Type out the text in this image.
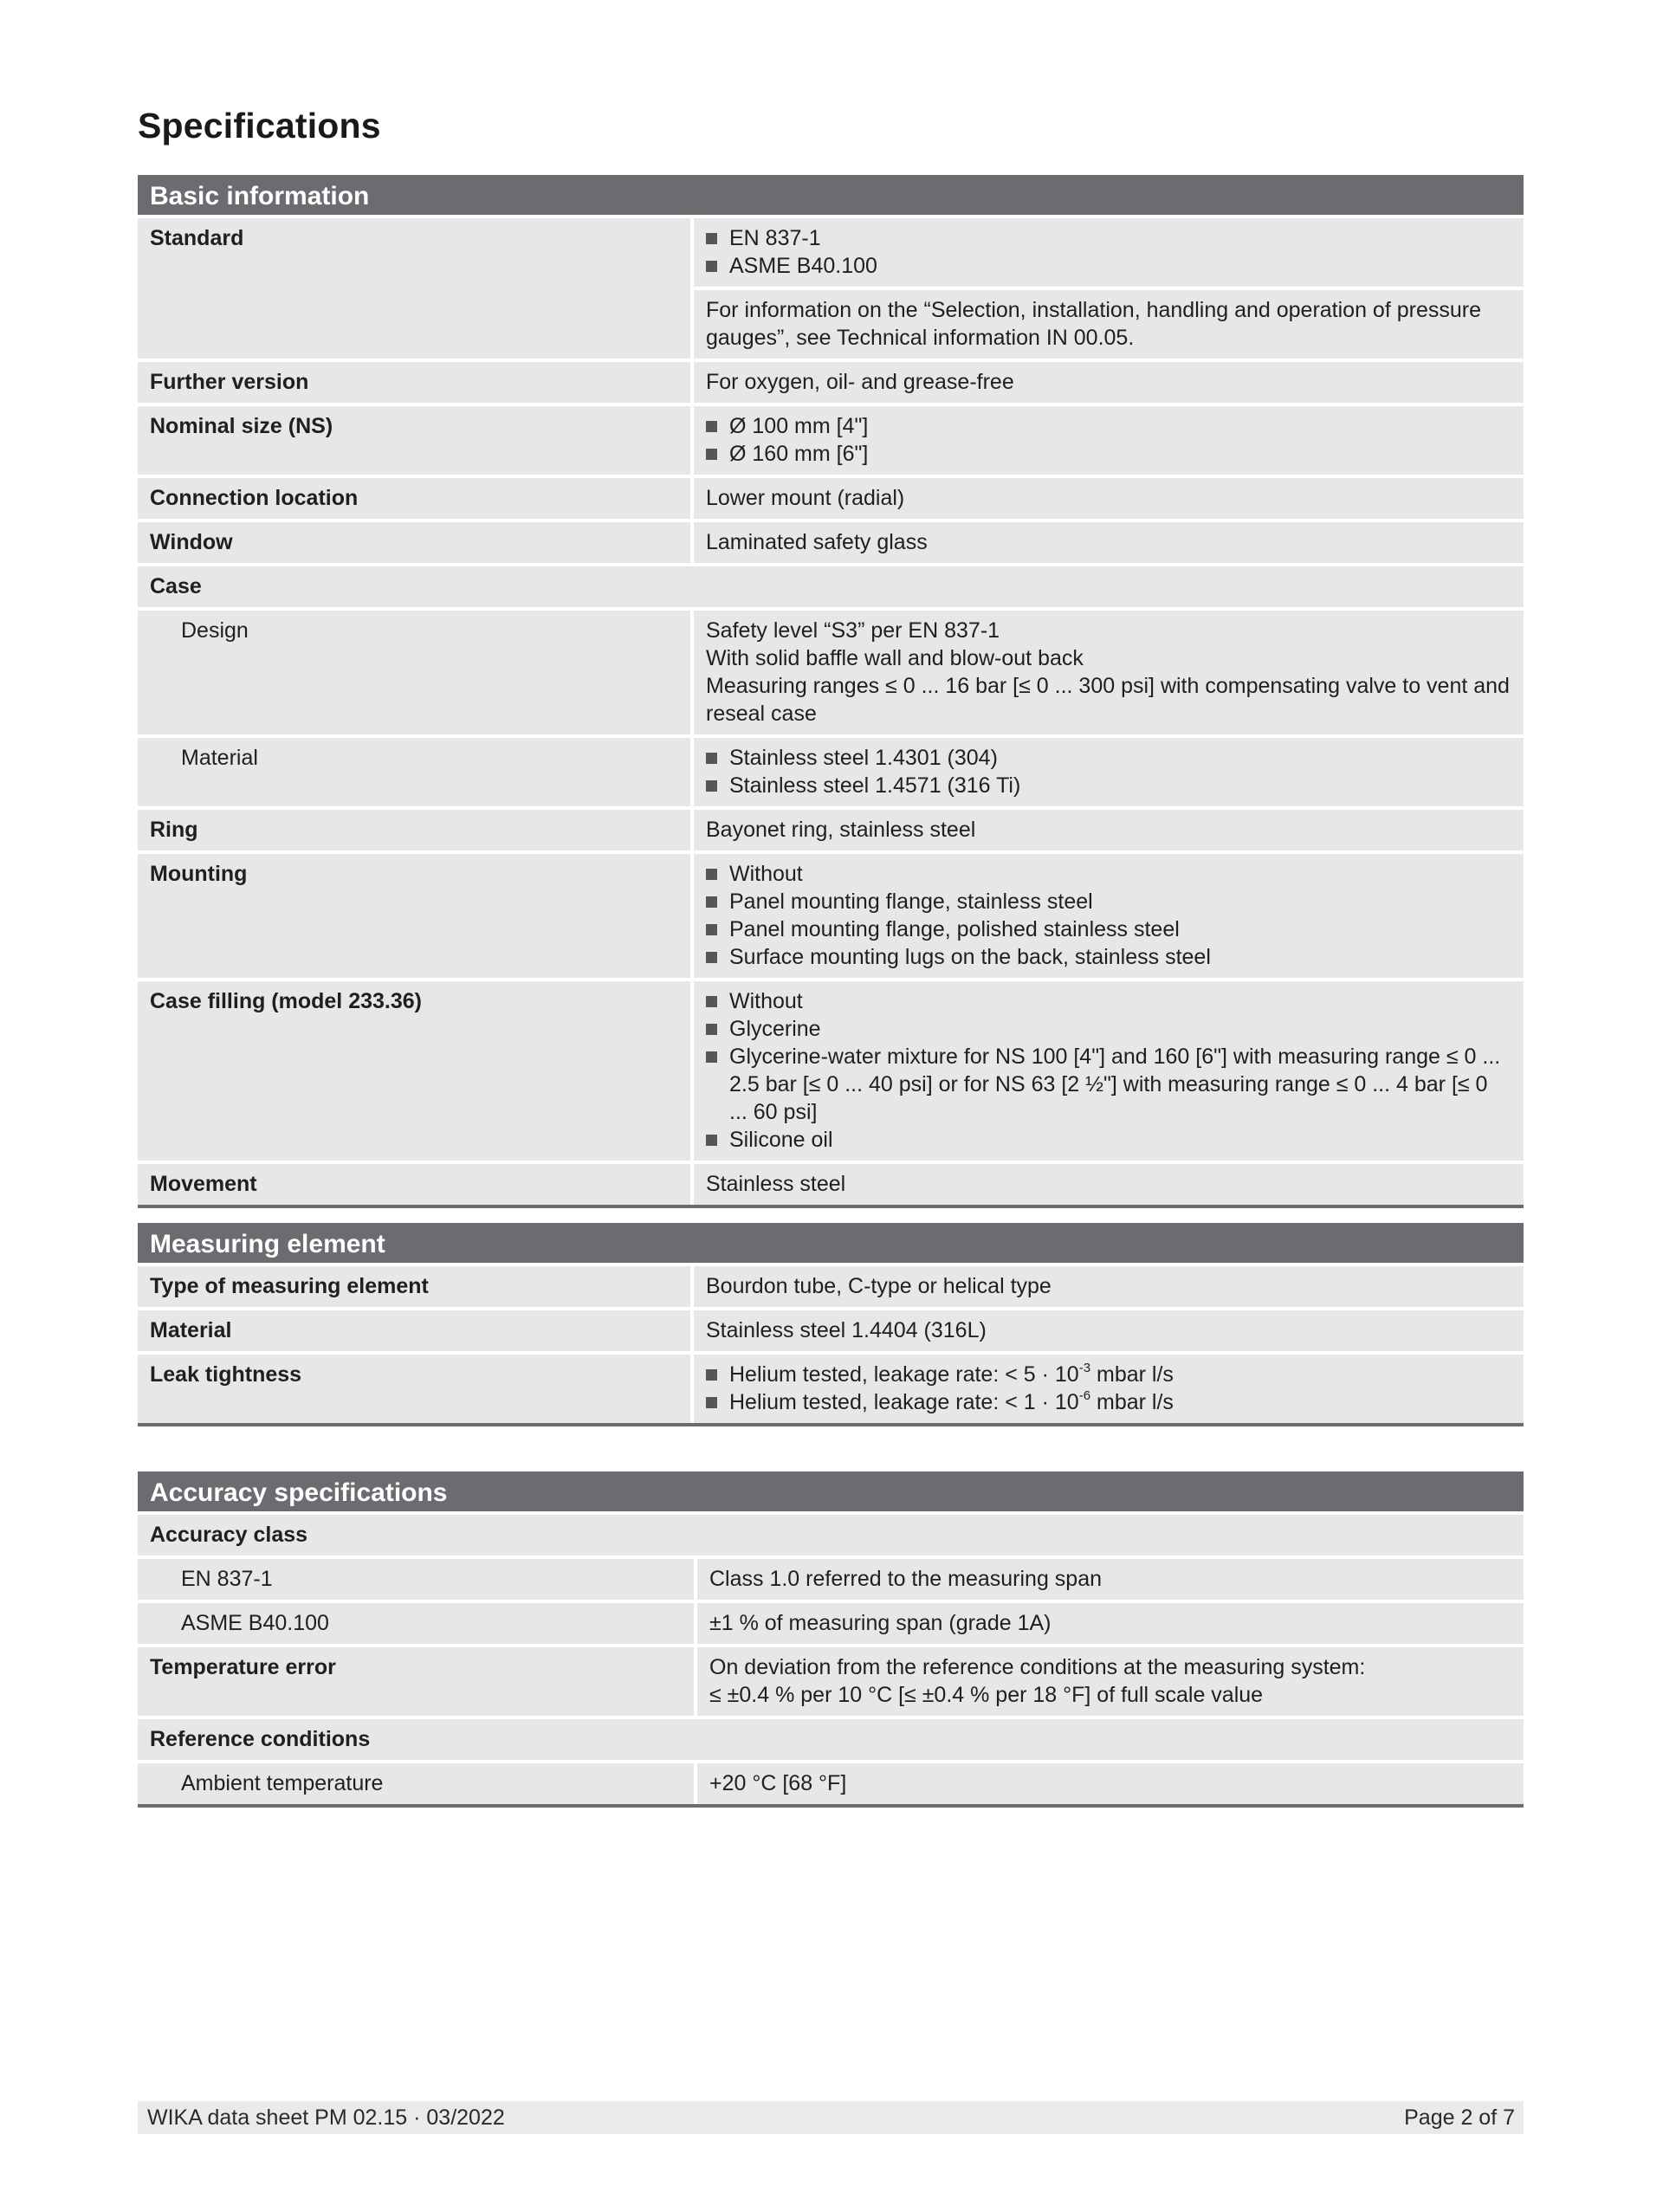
Specifications
Basic information
Standard	EN 837-1
ASME B40.100
For information on the “Selection, installation, handling and operation of pressure gauges”, see Technical information IN 00.05.
Further version	For oxygen, oil- and grease-free
Nominal size (NS)	Ø 100 mm [4"]
Ø 160 mm [6"]
Connection location	Lower mount (radial)
Window	Laminated safety glass
Case
Design	Safety level “S3” per EN 837-1
With solid baffle wall and blow-out back
Measuring ranges ≤ 0 ... 16 bar [≤ 0 ... 300 psi] with compensating valve to vent and reseal case
Material	Stainless steel 1.4301 (304)
Stainless steel 1.4571 (316 Ti)
Ring	Bayonet ring, stainless steel
Mounting	Without
Panel mounting flange, stainless steel
Panel mounting flange, polished stainless steel
Surface mounting lugs on the back, stainless steel
Case filling (model 233.36)	Without
Glycerine
Glycerine-water mixture for NS 100 [4"] and 160 [6"] with measuring range ≤ 0 ... 2.5 bar [≤ 0 ... 40 psi] or for NS 63 [2 ½"] with measuring range ≤ 0 ... 4 bar [≤ 0 ... 60 psi]
Silicone oil
Movement	Stainless steel
Measuring element
Type of measuring element	Bourdon tube, C-type or helical type
Material	Stainless steel 1.4404 (316L)
Leak tightness	Helium tested, leakage rate: < $5 \cdot 10^{-3}$ mbar l/s
Helium tested, leakage rate: < $1 \cdot 10^{-6}$ mbar l/s
Accuracy specifications
Accuracy class
EN 837-1	Class 1.0 referred to the measuring span
ASME B40.100	±1 % of measuring span (grade 1A)
Temperature error	On deviation from the reference conditions at the measuring system:
≤ ±0.4 % per 10 °C [≤ ±0.4 % per 18 °F] of full scale value
Reference conditions
Ambient temperature	+20 °C [68 °F]
WIKA data sheet PM 02.15 · 03/2022	Page 2 of 7
